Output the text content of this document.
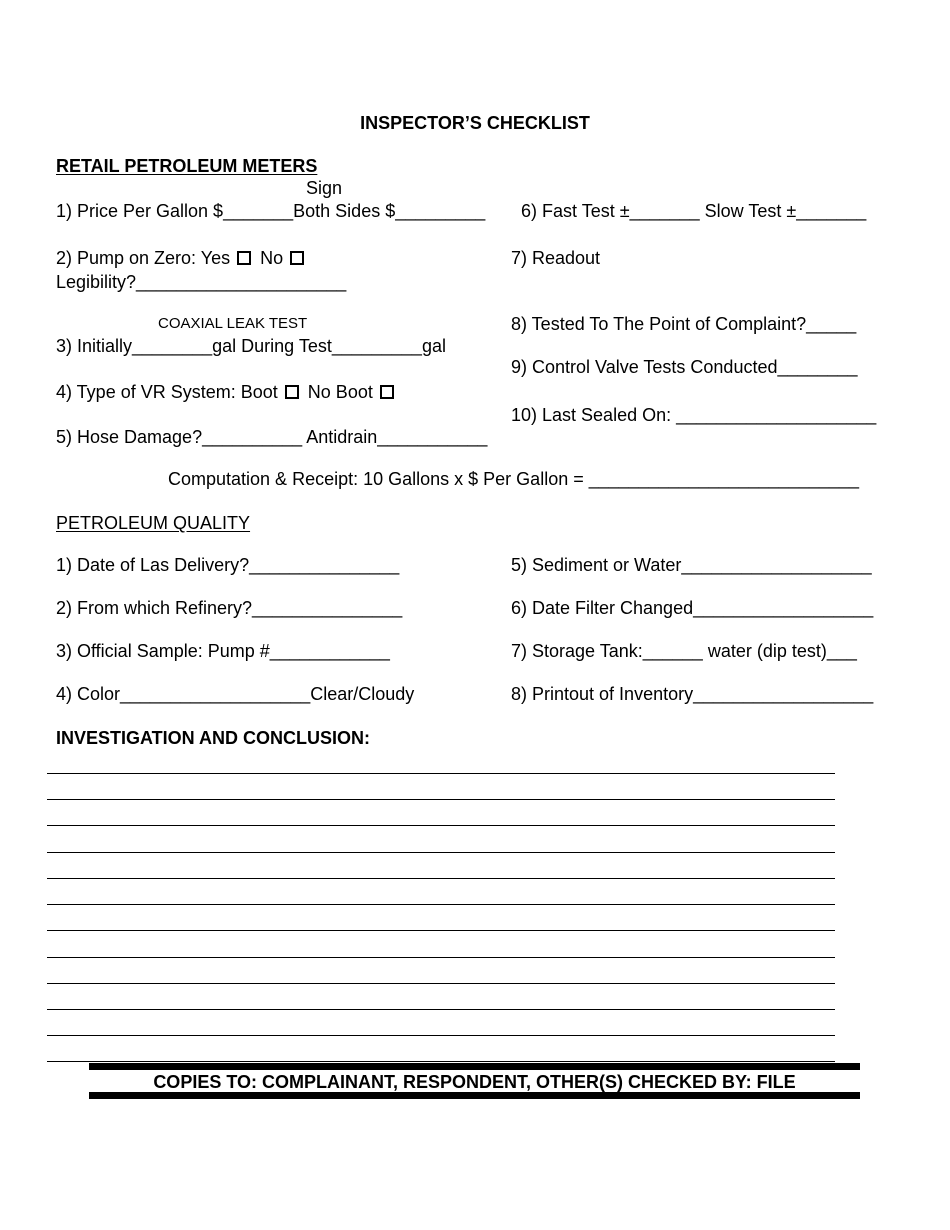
INSPECTOR’S CHECKLIST
RETAIL PETROLEUM METERS
Sign
1) Price Per Gallon $_______Both Sides $_________ 6) Fast Test ±_______ Slow Test ±_______
2) Pump on Zero: Yes No	7) Readout
Legibility?_____________________
COAXIAL LEAK TEST	8) Tested To The Point of Complaint?_____
3) Initially________gal During Test_________gal
9) Control Valve Tests Conducted________
4) Type of VR System: Boot No Boot
10) Last Sealed On: ____________________
5) Hose Damage?__________ Antidrain___________
Computation & Receipt: 10 Gallons x $ Per Gallon = ___________________________
PETROLEUM QUALITY
1) Date of Las Delivery?_______________
2) From which Refinery?_______________
3) Official Sample: Pump #____________
4) Color___________________Clear/Cloudy
5) Sediment or Water___________________
6) Date Filter Changed__________________
7) Storage Tank:______ water (dip test)___
8) Printout of Inventory__________________
INVESTIGATION AND CONCLUSION:
COPIES TO: COMPLAINANT, RESPONDENT, OTHER(S) CHECKED BY: FILE
